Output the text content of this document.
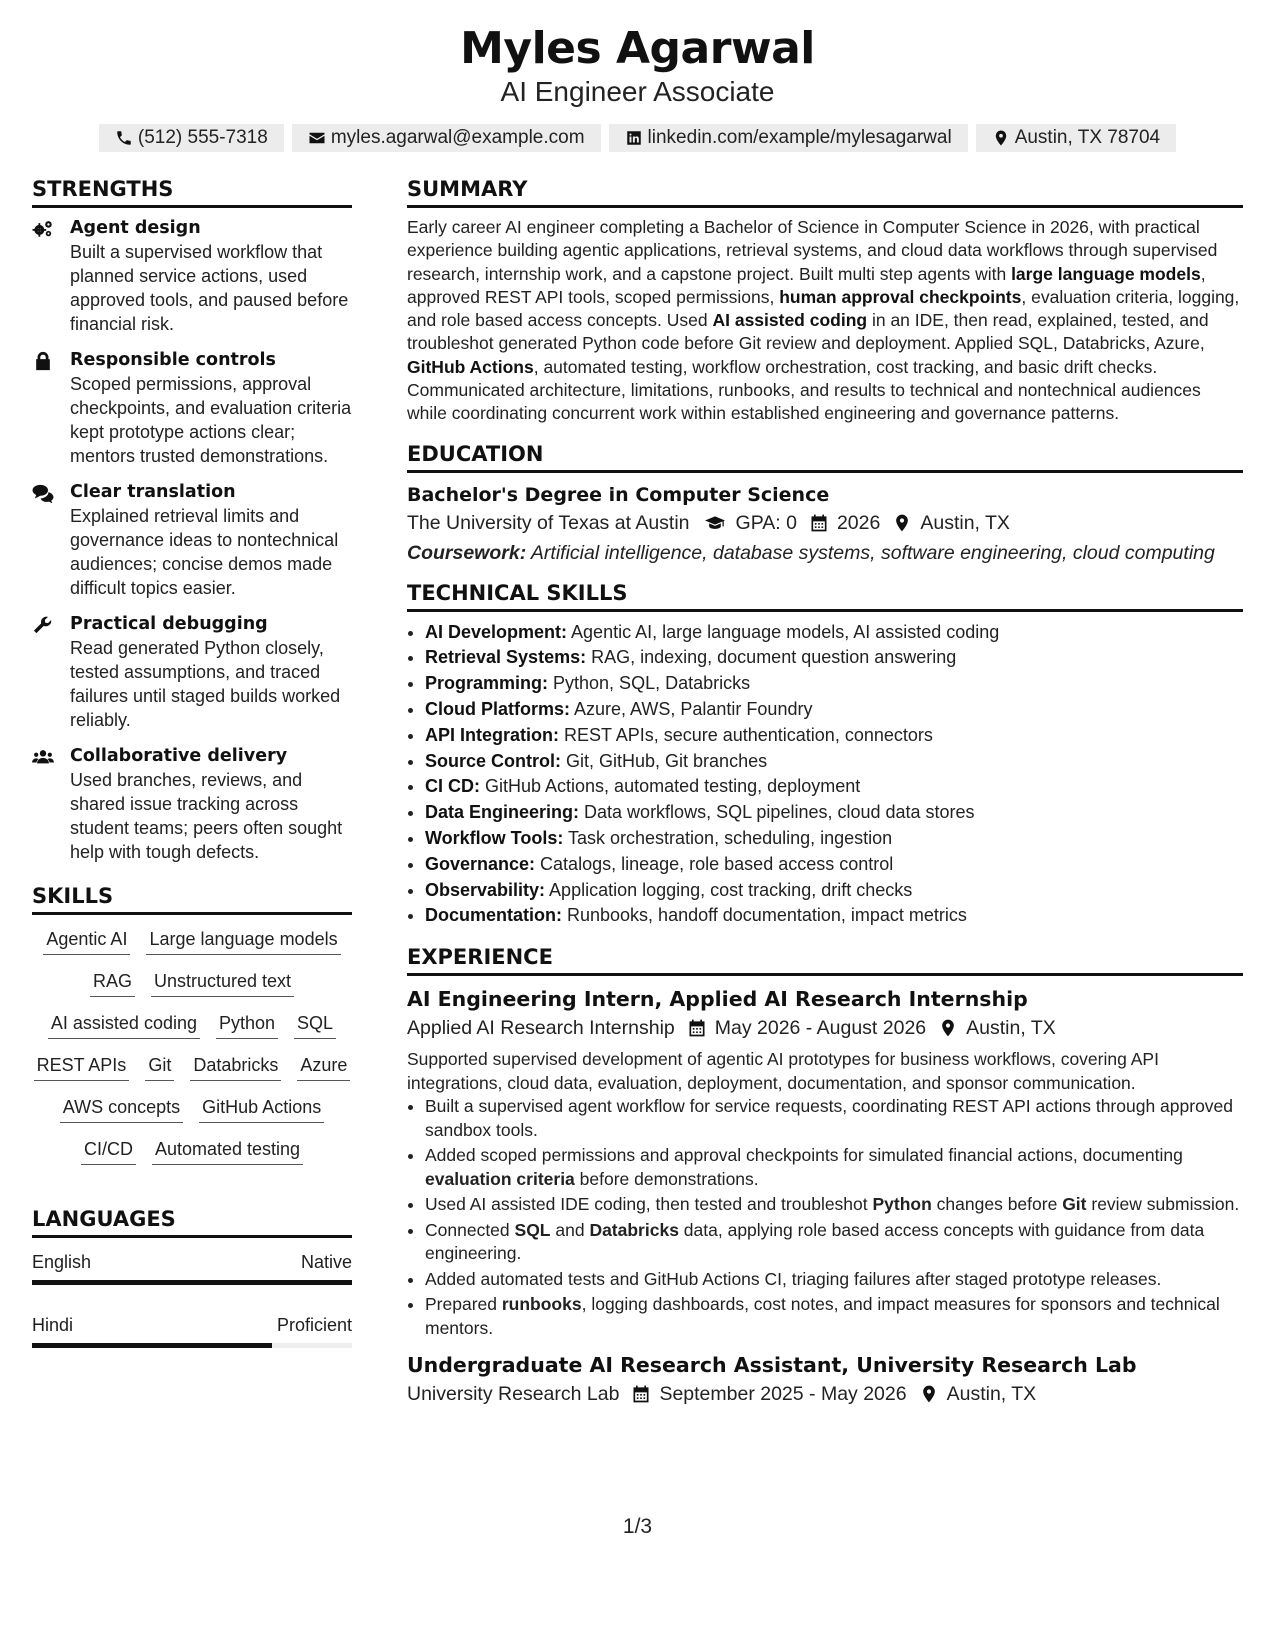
Myles Agarwal
AI Engineer Associate
(512) 555-7318	myles.agarwal@example.com	linkedin.com/example/mylesagarwal	Austin, TX 78704
STRENGTHS
Agent design
Built a supervised workflow that planned service actions, used approved tools, and paused before financial risk.
Responsible controls
Scoped permissions, approval checkpoints, and evaluation criteria kept prototype actions clear; mentors trusted demonstrations.
Clear translation
Explained retrieval limits and governance ideas to nontechnical audiences; concise demos made difficult topics easier.
Practical debugging
Read generated Python closely, tested assumptions, and traced failures until staged builds worked reliably.
Collaborative delivery
Used branches, reviews, and shared issue tracking across student teams; peers often sought help with tough defects.
SKILLS
Agentic AI Large language models
RAG Unstructured text
AI assisted coding Python SQL
REST APIs Git Databricks Azure
AWS concepts GitHub Actions
CI/CD Automated testing
LANGUAGES
English	Native
Hindi	Proficient
SUMMARY
Early career AI engineer completing a Bachelor of Science in Computer Science in 2026, with practical experience building agentic applications, retrieval systems, and cloud data workflows through supervised research, internship work, and a capstone project. Built multi step agents with large language models, approved REST API tools, scoped permissions, human approval checkpoints, evaluation criteria, logging, and role based access concepts. Used AI assisted coding in an IDE, then read, explained, tested, and troubleshot generated Python code before Git review and deployment. Applied SQL, Databricks, Azure, GitHub Actions, automated testing, workflow orchestration, cost tracking, and basic drift checks. Communicated architecture, limitations, runbooks, and results to technical and nontechnical audiences while coordinating concurrent work within established engineering and governance patterns.
EDUCATION
Bachelor's Degree in Computer Science
The University of Texas at Austin GPA: 0 2026 Austin, TX
Coursework: Artificial intelligence, database systems, software engineering, cloud computing
TECHNICAL SKILLS
• AI Development: Agentic AI, large language models, AI assisted coding
• Retrieval Systems: RAG, indexing, document question answering
• Programming: Python, SQL, Databricks
• Cloud Platforms: Azure, AWS, Palantir Foundry
• API Integration: REST APIs, secure authentication, connectors
• Source Control: Git, GitHub, Git branches
• CI CD: GitHub Actions, automated testing, deployment
• Data Engineering: Data workflows, SQL pipelines, cloud data stores
• Workflow Tools: Task orchestration, scheduling, ingestion
• Governance: Catalogs, lineage, role based access control
• Observability: Application logging, cost tracking, drift checks
• Documentation: Runbooks, handoff documentation, impact metrics
EXPERIENCE
AI Engineering Intern, Applied AI Research Internship
Applied AI Research Internship May 2026 - August 2026 Austin, TX
Supported supervised development of agentic AI prototypes for business workflows, covering API integrations, cloud data, evaluation, deployment, documentation, and sponsor communication.
• Built a supervised agent workflow for service requests, coordinating REST API actions through approved sandbox tools.
• Added scoped permissions and approval checkpoints for simulated financial actions, documenting evaluation criteria before demonstrations.
• Used AI assisted IDE coding, then tested and troubleshot Python changes before Git review submission.
• Connected SQL and Databricks data, applying role based access concepts with guidance from data engineering.
• Added automated tests and GitHub Actions CI, triaging failures after staged prototype releases.
• Prepared runbooks, logging dashboards, cost notes, and impact measures for sponsors and technical mentors.
Undergraduate AI Research Assistant, University Research Lab
University Research Lab September 2025 - May 2026 Austin, TX
1/3
